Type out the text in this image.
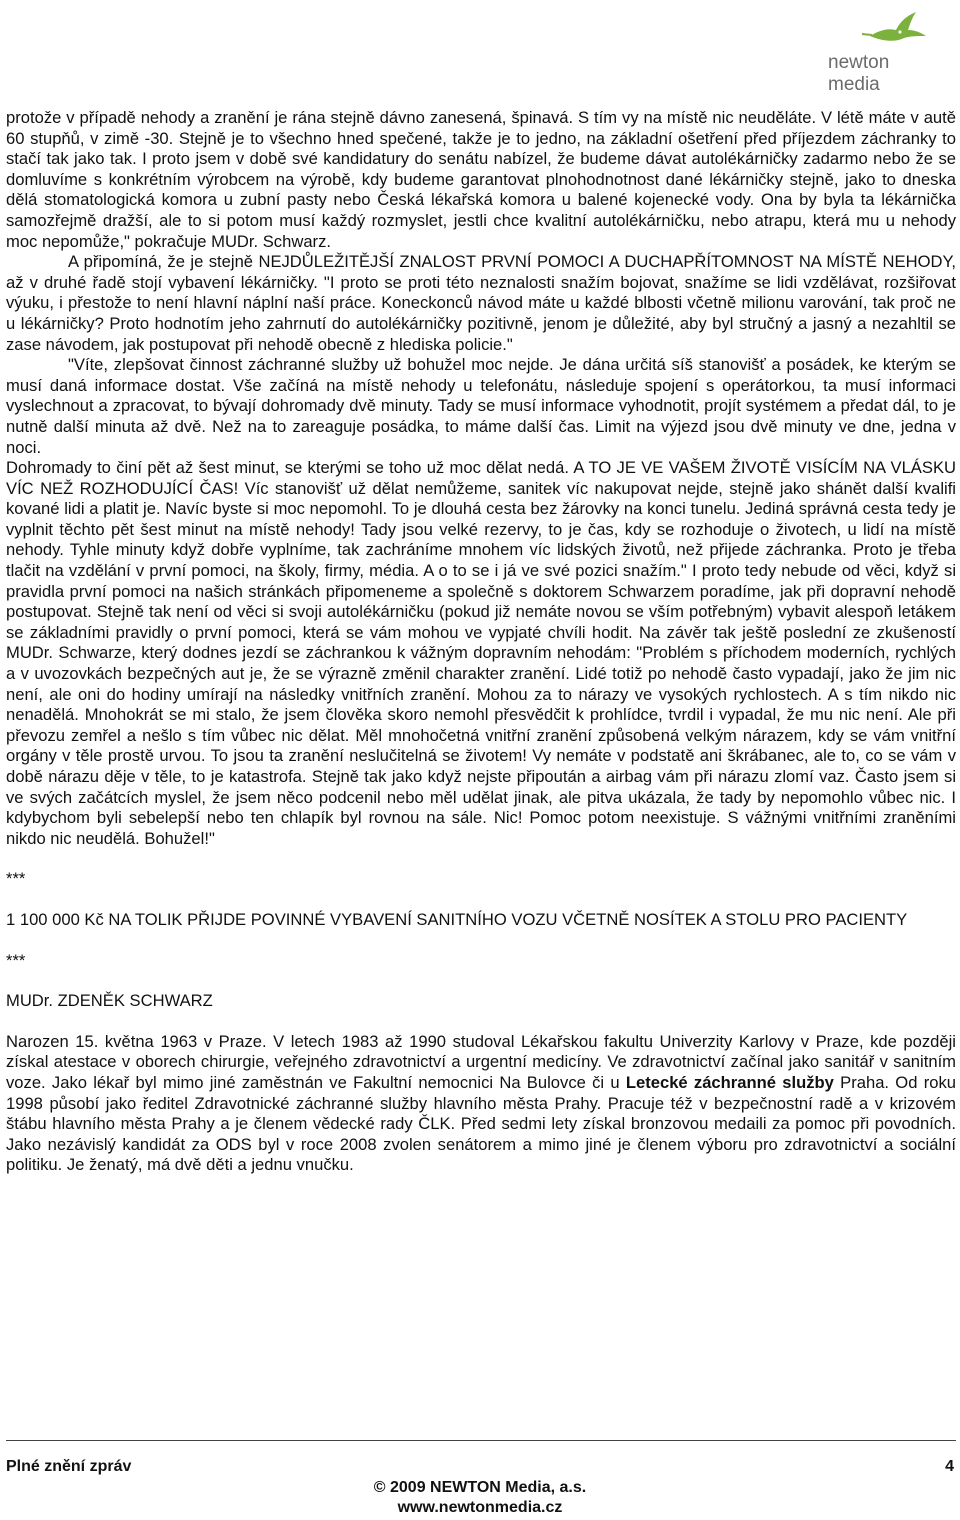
newton media

protože v případě nehody a zranění je rána stejně dávno zanesená, špinavá. S tím vy na místě nic neuděláte. V létě máte v autě 60 stupňů, v zimě -30. Stejně je to všechno hned spečené, takže je to jedno, na základní ošetření před příjezdem záchranky to stačí tak jako tak. I proto jsem v době své kandidatury do senátu nabízel, že budeme dávat autolékárničky zadarmo nebo že se domluvíme s konkrétním výrobcem na výrobě, kdy budeme garantovat plnohodnotnost dané lékárničky stejně, jako to dneska dělá stomatologická komora u zubní pasty nebo Česká lékařská komora u balené kojenecké vody. Ona by byla ta lékárnička samozřejmě dražší, ale to si potom musí každý rozmyslet, jestli chce kvalitní autolékárničku, nebo atrapu, která mu u nehody moc nepomůže," pokračuje MUDr. Schwarz.

A připomíná, že je stejně NEJDŮLEŽITĚJŠÍ ZNALOST PRVNÍ POMOCI A DUCHAPŘÍTOMNOST NA MÍSTĚ NEHODY, až v druhé řadě stojí vybavení lékárničky. "I proto se proti této neznalosti snažím bojovat, snažíme se lidi vzdělávat, rozšiřovat výuku, i přestože to není hlavní náplní naší práce. Koneckonců návod máte u každé blbosti včetně milionu varování, tak proč ne u lékárničky? Proto hodnotím jeho zahrnutí do autolékárničky pozitivně, jenom je důležité, aby byl stručný a jasný a nezahltil se zase návodem, jak postupovat při nehodě obecně z hlediska policie."

"Víte, zlepšovat činnost záchranné služby už bohužel moc nejde. Je dána určitá síš stanovišť a posádek, ke kterým se musí daná informace dostat. Vše začíná na místě nehody u telefonátu, následuje spojení s operátorkou, ta musí informaci vyslechnout a zpracovat, to bývají dohromady dvě minuty. Tady se musí informace vyhodnotit, projít systémem a předat dál, to je nutně další minuta až dvě. Než na to zareaguje posádka, to máme další čas. Limit na výjezd jsou dvě minuty ve dne, jedna v noci.

Dohromady to činí pět až šest minut, se kterými se toho už moc dělat nedá. A TO JE VE VAŠEM ŽIVOTĚ VISÍCÍM NA VLÁSKU VÍC NEŽ ROZHODUJÍCÍ ČAS! Víc stanovišť už dělat nemůžeme, sanitek víc nakupovat nejde, stejně jako shánět další kvalifi kované lidi a platit je. Navíc byste si moc nepomohl. To je dlouhá cesta bez žárovky na konci tunelu. Jediná správná cesta tedy je vyplnit těchto pět šest minut na místě nehody! Tady jsou velké rezervy, to je čas, kdy se rozhoduje o životech, u lidí na místě nehody. Tyhle minuty když dobře vyplníme, tak zachráníme mnohem víc lidských životů, než přijede záchranka. Proto je třeba tlačit na vzdělání v první pomoci, na školy, firmy, média. A o to se i já ve své pozici snažím." I proto tedy nebude od věci, když si pravidla první pomoci na našich stránkách připomeneme a společně s doktorem Schwarzem poradíme, jak při dopravní nehodě postupovat. Stejně tak není od věci si svoji autolékárničku (pokud již nemáte novou se vším potřebným) vybavit alespoň letákem se základními pravidly o první pomoci, která se vám mohou ve vypjaté chvíli hodit. Na závěr tak ještě poslední ze zkušeností MUDr. Schwarze, který dodnes jezdí se záchrankou k vážným dopravním nehodám: "Problém s příchodem moderních, rychlých a v uvozovkách bezpečných aut je, že se výrazně změnil charakter zranění. Lidé totiž po nehodě často vypadají, jako že jim nic není, ale oni do hodiny umírají na následky vnitřních zranění. Mohou za to nárazy ve vysokých rychlostech. A s tím nikdo nic nenadělá. Mnohokrát se mi stalo, že jsem člověka skoro nemohl přesvědčit k prohlídce, tvrdil i vypadal, že mu nic není. Ale při převozu zemřel a nešlo s tím vůbec nic dělat. Měl mnohočetná vnitřní zranění způsobená velkým nárazem, kdy se vám vnitřní orgány v těle prostě urvou. To jsou ta zranění neslučitelná se životem! Vy nemáte v podstatě ani škrábanec, ale to, co se vám v době nárazu děje v těle, to je katastrofa. Stejně tak jako když nejste připoután a airbag vám při nárazu zlomí vaz. Často jsem si ve svých začátcích myslel, že jsem něco podcenil nebo měl udělat jinak, ale pitva ukázala, že tady by nepomohlo vůbec nic. I kdybychom byli sebelepší nebo ten chlapík byl rovnou na sále. Nic! Pomoc potom neexistuje. S vážnými vnitřními zraněními nikdo nic neudělá. Bohužel!"

***

1 100 000 Kč NA TOLIK PŘIJDE POVINNÉ VYBAVENÍ SANITNÍHO VOZU VČETNĚ NOSÍTEK A STOLU PRO PACIENTY

***

MUDr. ZDENĚK SCHWARZ

Narozen 15. května 1963 v Praze. V letech 1983 až 1990 studoval Lékařskou fakultu Univerzity Karlovy v Praze, kde později získal atestace v oborech chirurgie, veřejného zdravotnictví a urgentní medicíny. Ve zdravotnictví začínal jako sanitář v sanitním voze. Jako lékař byl mimo jiné zaměstnán ve Fakultní nemocnici Na Bulovce či u Letecké záchranné služby Praha. Od roku 1998 působí jako ředitel Zdravotnické záchranné služby hlavního města Prahy. Pracuje též v bezpečnostní radě a v krizovém štábu hlavního města Prahy a je členem vědecké rady ČLK. Před sedmi lety získal bronzovou medaili za pomoc při povodních. Jako nezávislý kandidát za ODS byl v roce 2008 zvolen senátorem a mimo jiné je členem výboru pro zdravotnictví a sociální politiku. Je ženatý, má dvě děti a jednu vnučku.

Plné znění zpráv	4
© 2009 NEWTON Media, a.s.
www.newtonmedia.cz
